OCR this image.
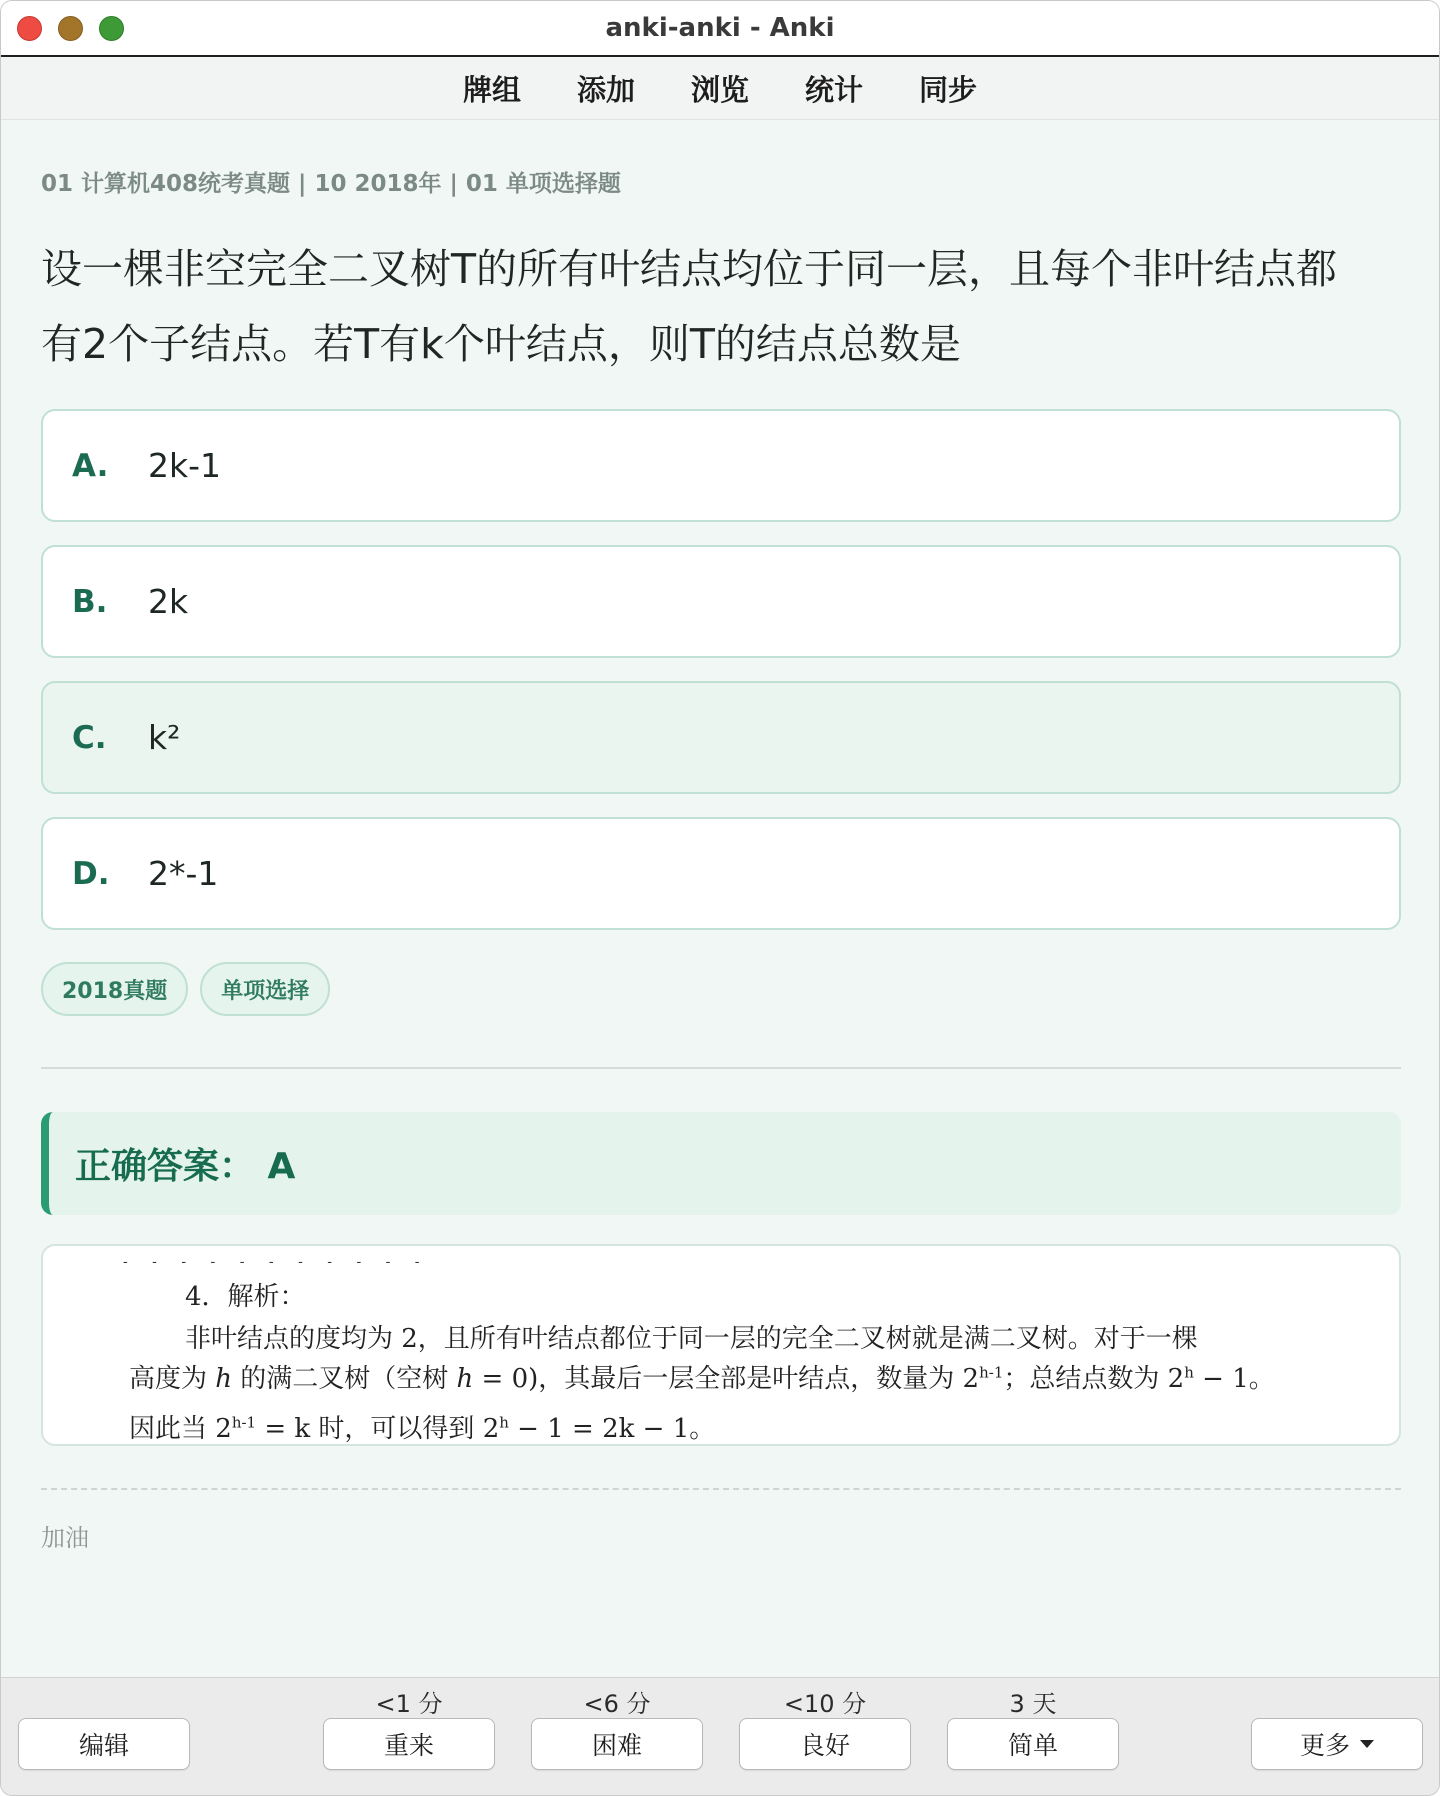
anki-anki - Anki
牌组 添加 浏览 统计 同步
01 计算机408统考真题 | 10 2018年 | 01 单项选择题
设一棵非空完全二叉树T的所有叶结点均位于同一层，且每个非叶结点都
有2个子结点。若T有k个叶结点，则T的结点总数是
A. 2k-1
B. 2k
C. k²
D. 2*-1
2018真题	单项选择
正确答案： A
- - - - - - - - - - -
4．解析：
非叶结点的度均为 2，且所有叶结点都位于同一层的完全二叉树就是满二叉树。对于一棵
高度为 h 的满二叉树（空树 h = 0)，其最后一层全部是叶结点，数量为 2$^{h-1}$；总结点数为 $2^h - 1$。
因此当 $2^{h-1} = k$ 时，可以得到 $2^h - 1 = 2k - 1$。
加油
编辑
<1 分
重来
<6 分
困难
<10 分
良好
3 天
简单	更多
